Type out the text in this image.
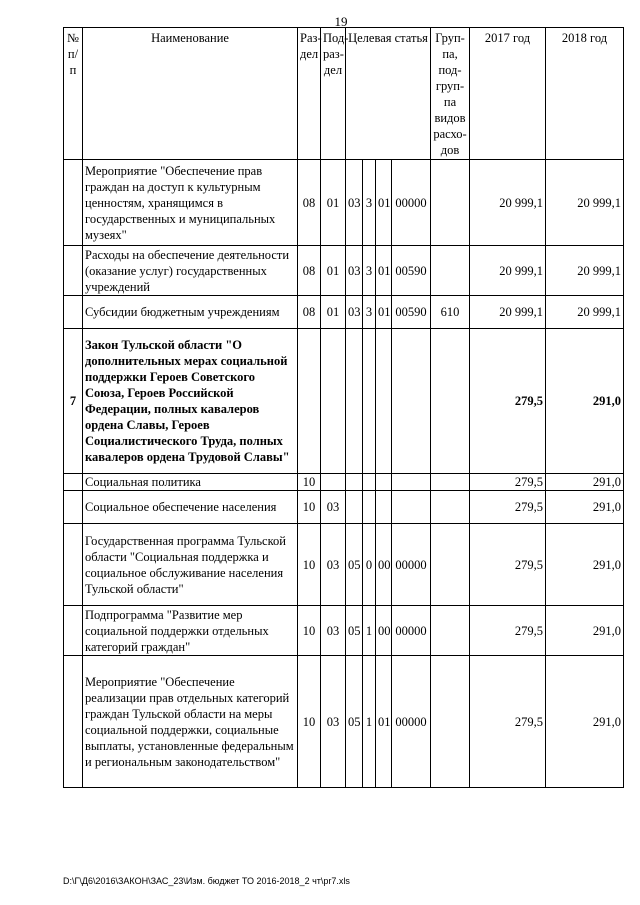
19
№ п/ п	Наименование	Раз- дел	Под- раз- дел	Целевая статья				Груп- па, под- груп- па видов расхо- дов	2017 год	2018 год
	Мероприятие "Обеспечение прав граждан на доступ к культурным ценностям, хранящимся в государственных и муниципальных музеях"	08	01	03	3	01	00000		20 999,1	20 999,1
	Расходы на обеспечение деятельности (оказание услуг) государственных учреждений	08	01	03	3	01	00590		20 999,1	20 999,1
	Субсидии бюджетным учреждениям	08	01	03	3	01	00590	610	20 999,1	20 999,1
7	Закон Тульской области "О дополнительных мерах социальной поддержки Героев Советского Союза, Героев Российской Федерации, полных кавалеров ордена Славы, Героев Социалистического Труда, полных кавалеров ордена Трудовой Славы"								279,5	291,0
	Социальная политика	10							279,5	291,0
	Социальное обеспечение населения	10	03						279,5	291,0
	Государственная программа Тульской области "Социальная поддержка и социальное обслуживание населения Тульской области"	10	03	05	0	00	00000		279,5	291,0
	Подпрограмма "Развитие мер социальной поддержки отдельных категорий граждан"	10	03	05	1	00	00000		279,5	291,0
	Мероприятие "Обеспечение реализации прав отдельных категорий граждан Тульской области на меры социальной поддержки, социальные выплаты, установленные федеральным и региональным законодательством"	10	03	05	1	01	00000		279,5	291,0
D:\Г\Д6\2016\ЗАКОН\ЗАС_23\Изм. бюджет ТО 2016-2018_2 чт\pr7.xls
